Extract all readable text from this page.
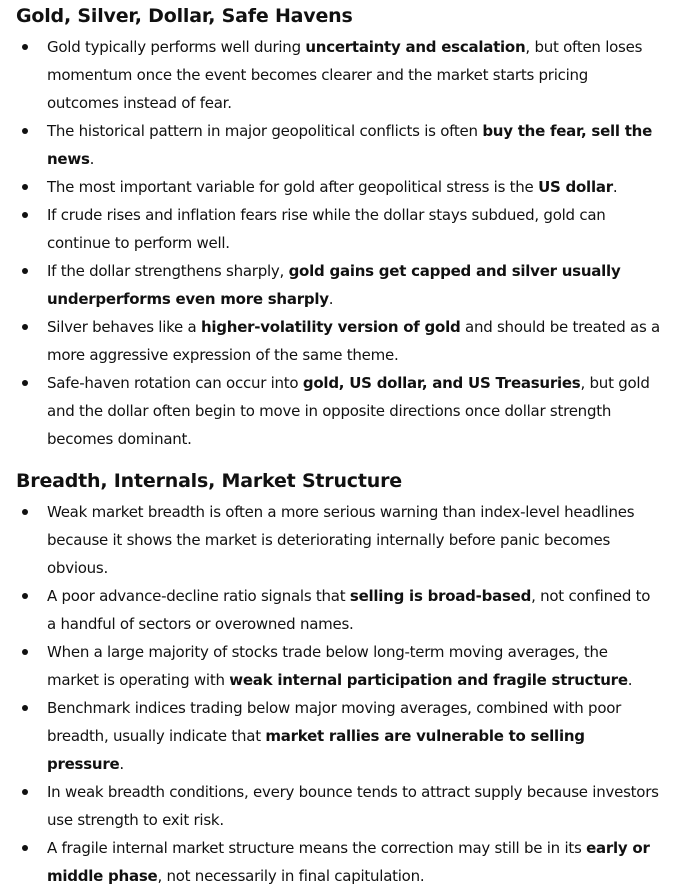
Gold, Silver, Dollar, Safe Havens
Gold typically performs well during uncertainty and escalation, but often loses momentum once the event becomes clearer and the market starts pricing outcomes instead of fear.
The historical pattern in major geopolitical conflicts is often buy the fear, sell the news.
The most important variable for gold after geopolitical stress is the US dollar.
If crude rises and inflation fears rise while the dollar stays subdued, gold can continue to perform well.
If the dollar strengthens sharply, gold gains get capped and silver usually underperforms even more sharply.
Silver behaves like a higher-volatility version of gold and should be treated as a more aggressive expression of the same theme.
Safe-haven rotation can occur into gold, US dollar, and US Treasuries, but gold and the dollar often begin to move in opposite directions once dollar strength becomes dominant.
Breadth, Internals, Market Structure
Weak market breadth is often a more serious warning than index-level headlines because it shows the market is deteriorating internally before panic becomes obvious.
A poor advance-decline ratio signals that selling is broad-based, not confined to a handful of sectors or overowned names.
When a large majority of stocks trade below long-term moving averages, the market is operating with weak internal participation and fragile structure.
Benchmark indices trading below major moving averages, combined with poor breadth, usually indicate that market rallies are vulnerable to selling pressure.
In weak breadth conditions, every bounce tends to attract supply because investors use strength to exit risk.
A fragile internal market structure means the correction may still be in its early or middle phase, not necessarily in final capitulation.
